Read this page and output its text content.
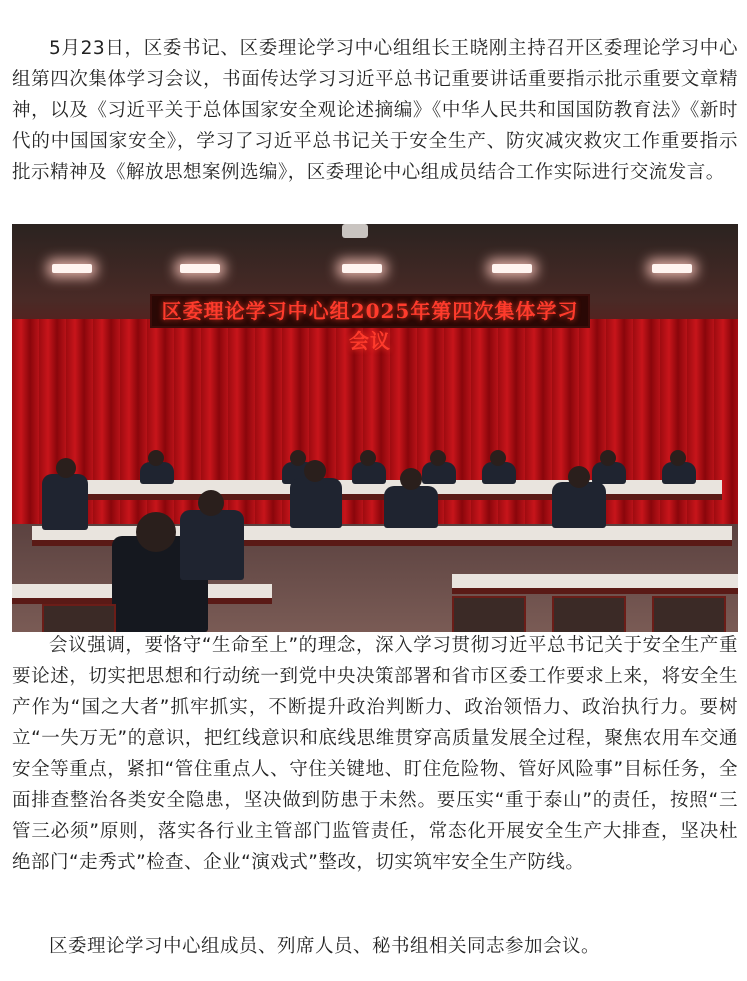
5月23日，区委书记、区委理论学习中心组组长王晓刚主持召开区委理论学习中心组第四次集体学习会议，书面传达学习习近平总书记重要讲话重要指示批示重要文章精神，以及《习近平关于总体国家安全观论述摘编》《中华人民共和国国防教育法》《新时代的中国国家安全》，学习了习近平总书记关于安全生产、防灾减灾救灾工作重要指示批示精神及《解放思想案例选编》，区委理论中心组成员结合工作实际进行交流发言。

会议强调，要恪守“生命至上”的理念，深入学习贯彻习近平总书记关于安全生产重要论述，切实把思想和行动统一到党中央决策部署和省市区委工作要求上来，将安全生产作为“国之大者”抓牢抓实，不断提升政治判断力、政治领悟力、政治执行力。要树立“一失万无”的意识，把红线意识和底线思维贯穿高质量发展全过程，聚焦农用车交通安全等重点，紧扣“管住重点人、守住关键地、盯住危险物、管好风险事”目标任务，全面排查整治各类安全隐患，坚决做到防患于未然。要压实“重于泰山”的责任，按照“三管三必须”原则，落实各行业主管部门监管责任，常态化开展安全生产大排查，坚决杜绝部门“走秀式”检查、企业“演戏式”整改，切实筑牢安全生产防线。

区委理论学习中心组成员、列席人员、秘书组相关同志参加会议。

区委理论学习中心组2025年第四次集体学习会议
